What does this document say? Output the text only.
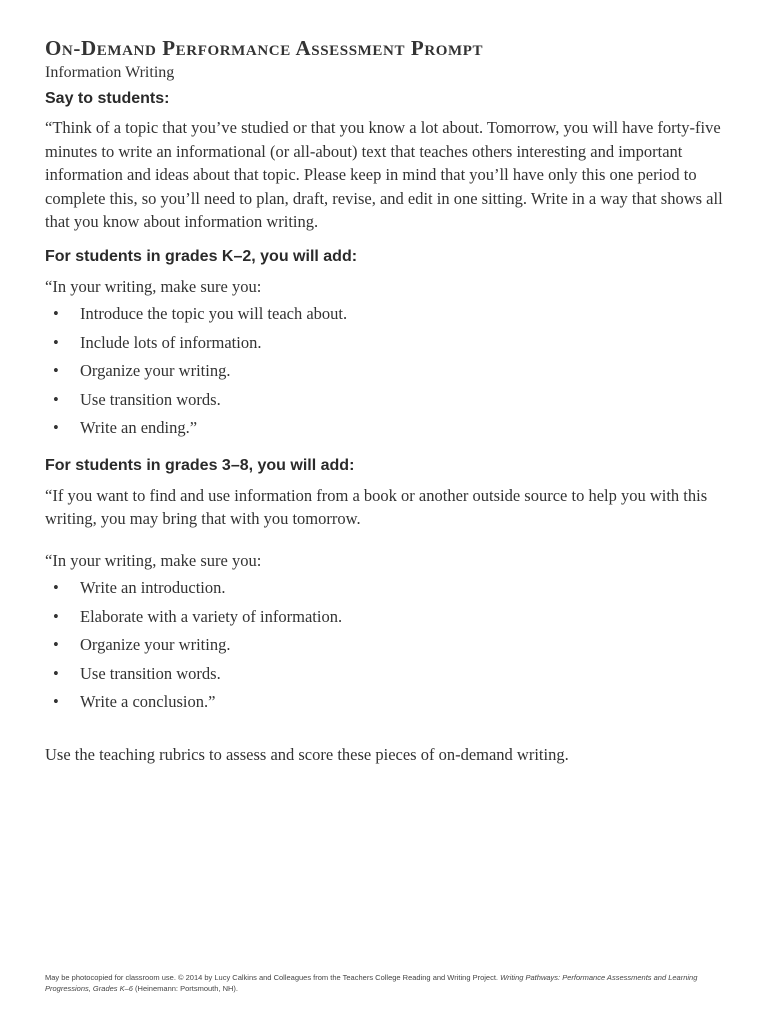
On-Demand Performance Assessment Prompt
Information Writing
Say to students:

“Think of a topic that you’ve studied or that you know a lot about. Tomorrow, you will have forty-five minutes to write an informational (or all-about) text that teaches others interesting and important information and ideas about that topic. Please keep in mind that you’ll have only this one period to complete this, so you’ll need to plan, draft, revise, and edit in one sitting. Write in a way that shows all that you know about information writing.

For students in grades K–2, you will add:

“In your writing, make sure you:

• Introduce the topic you will teach about.
• Include lots of information.
• Organize your writing.
• Use transition words.
• Write an ending.”
For students in grades 3–8, you will add:

“If you want to find and use information from a book or another outside source to help you with this writing, you may bring that with you tomorrow.

“In your writing, make sure you:

• Write an introduction.
• Elaborate with a variety of information.
• Organize your writing.
• Use transition words.
• Write a conclusion.”

Use the teaching rubrics to assess and score these pieces of on-demand writing.

May be photocopied for classroom use. © 2014 by Lucy Calkins and Colleagues from the Teachers College Reading and Writing Project. Writing Pathways: Performance Assessments and Learning Progressions, Grades K–6 (Heinemann: Portsmouth, NH).
